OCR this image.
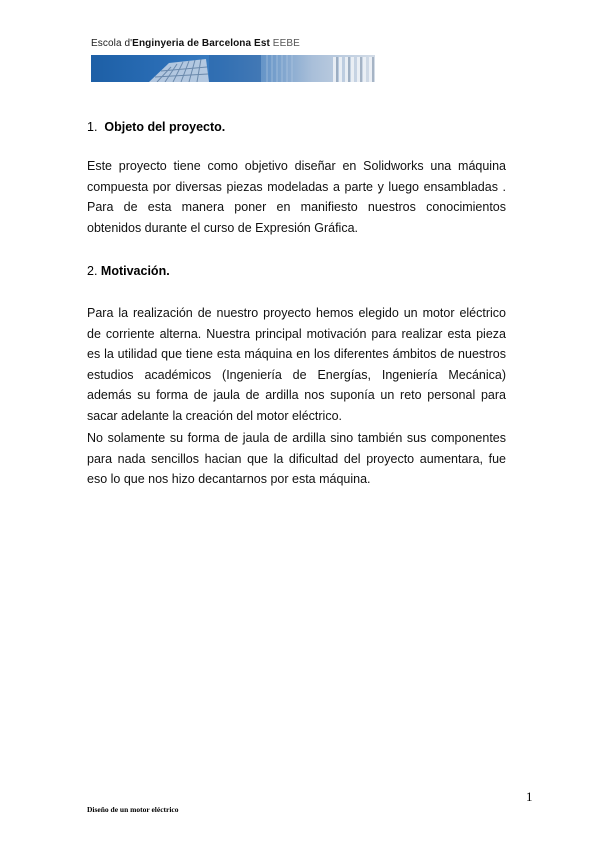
Escola d'Enginyeria de Barcelona Est EEBE
1. Objeto del proyecto.

Este proyecto tiene como objetivo diseñar en Solidworks una máquina compuesta por diversas piezas modeladas a parte y luego ensambladas . Para de esta manera poner en manifiesto nuestros conocimientos obtenidos durante el curso de Expresión Gráfica.

2. Motivación.

Para la realización de nuestro proyecto hemos elegido un motor eléctrico de corriente alterna. Nuestra principal motivación para realizar esta pieza es la utilidad que tiene esta máquina en los diferentes ámbitos de nuestros estudios académicos (Ingeniería de Energías, Ingeniería Mecánica) además su forma de jaula de ardilla nos suponía un reto personal para sacar adelante la creación del motor eléctrico.

No solamente su forma de jaula de ardilla sino también sus componentes para nada sencillos hacian que la dificultad del proyecto aumentara, fue eso lo que nos hizo decantarnos por esta máquina.

1
Diseño de un motor eléctrico
